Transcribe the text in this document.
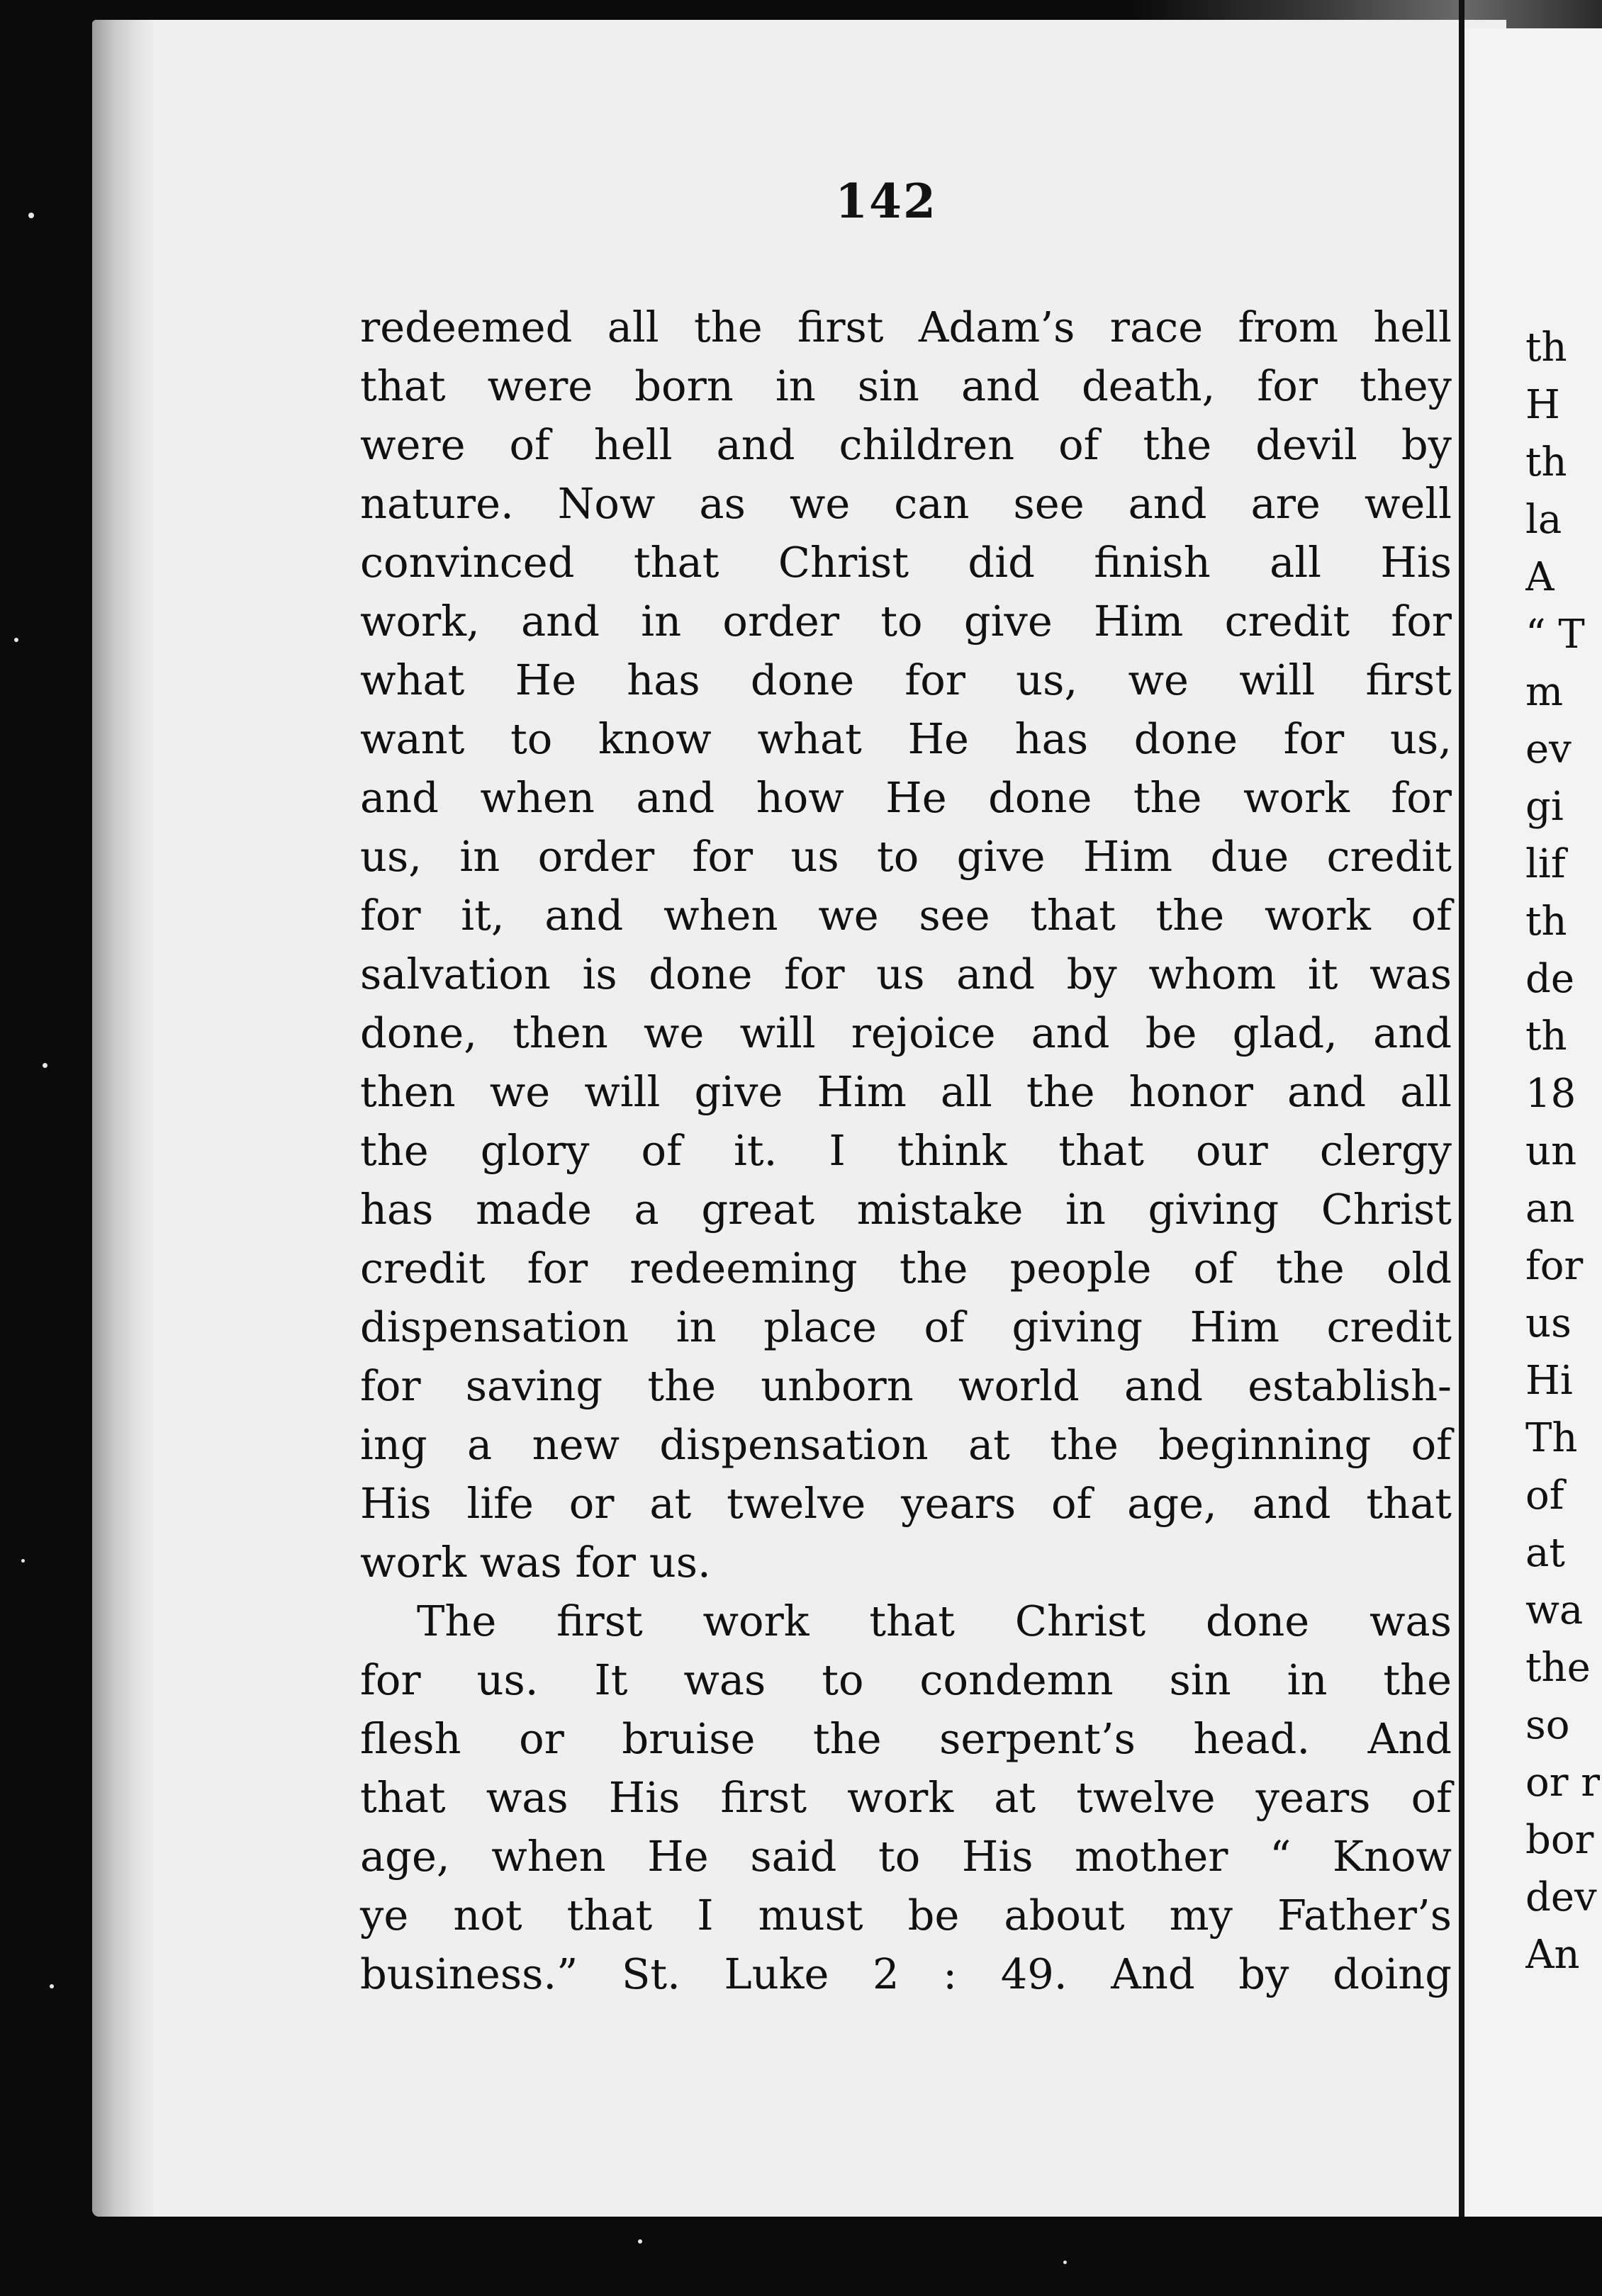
142
redeemed all the first Adam’s race from hell
that were born in sin and death, for they
were of hell and children of the devil by
nature. Now as we can see and are well
convinced that Christ did finish all His
work, and in order to give Him credit for
what He has done for us, we will first
want to know what He has done for us,
and when and how He done the work for
us, in order for us to give Him due credit
for it, and when we see that the work of
salvation is done for us and by whom it was
done, then we will rejoice and be glad, and
then we will give Him all the honor and all
the glory of it. I think that our clergy
has made a great mistake in giving Christ
credit for redeeming the people of the old
dispensation in place of giving Him credit
for saving the unborn world and establish-
ing a new dispensation at the beginning of
His life or at twelve years of age, and that
work was for us.
The first work that Christ done was
for us. It was to condemn sin in the
flesh or bruise the serpent’s head. And
that was His first work at twelve years of
age, when He said to His mother “ Know
ye not that I must be about my Father’s
business.” St. Luke 2 : 49. And by doing
th
H
th
la
A
“ T
m
ev
gi
lif
th
de
th
18
un
an
for
us
Hi
Th
of
at
wa
the
so
or r
bor
dev
An
